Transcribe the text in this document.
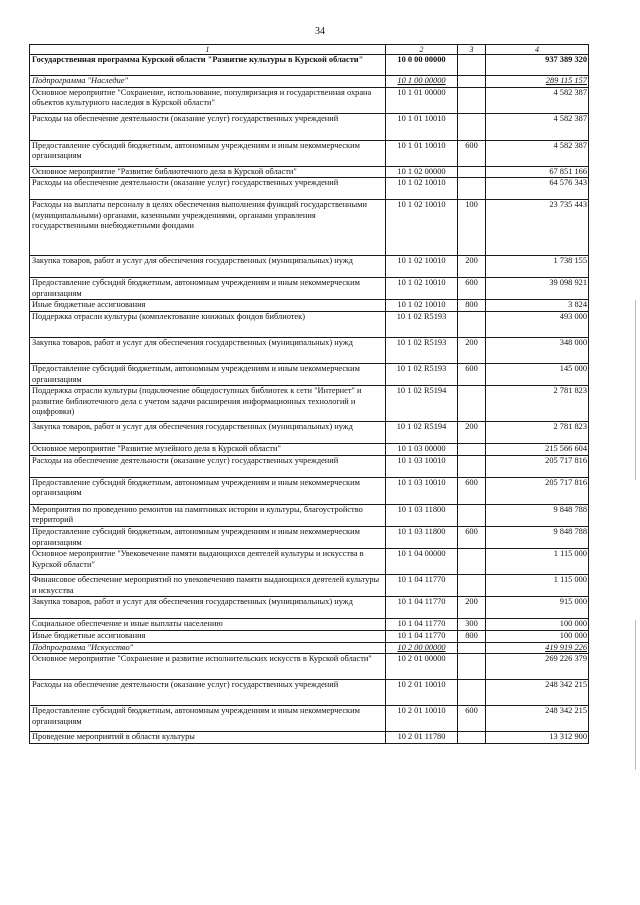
34
1	2	3	4
Государственная программа Курской области "Развитие культуры в Курской области"	10 0 00 00000		937 389 320
Подпрограмма "Наследие"	10 1 00 00000		289 115 157
Основное мероприятие "Сохранение, использование, популяризация и государственная охрана объектов культурного наследия в Курской области"	10 1 01 00000		4 582 387
Расходы на обеспечение деятельности (оказание услуг) государственных учреждений	10 1 01 10010		4 582 387
Предоставление субсидий бюджетным, автономным учреждениям и иным некоммерческим организациям	10 1 01 10010	600	4 582 387
Основное мероприятие "Развитие библиотечного дела в Курской области"	10 1 02 00000		67 851 166
Расходы на обеспечение деятельности (оказание услуг) государственных учреждений	10 1 02 10010		64 576 343
Расходы на выплаты персоналу в целях обеспечения выполнения функций государственными (муниципальными) органами, казенными учреждениями, органами управления государственными внебюджетными фондами	10 1 02 10010	100	23 735 443
Закупка товаров, работ и услуг для обеспечения государственных (муниципальных) нужд	10 1 02 10010	200	1 738 155
Предоставление субсидий бюджетным, автономным учреждениям и иным некоммерческим организациям	10 1 02 10010	600	39 098 921
Иные бюджетные ассигнования	10 1 02 10010	800	3 824
Поддержка отрасли культуры (комплектование книжных фондов библиотек)	10 1 02 R5193		493 000
Закупка товаров, работ и услуг для обеспечения государственных (муниципальных) нужд	10 1 02 R5193	200	348 000
Предоставление субсидий бюджетным, автономным учреждениям и иным некоммерческим организациям	10 1 02 R5193	600	145 000
Поддержка отрасли культуры (подключение общедоступных библиотек к сети "Интернет" и развитие библиотечного дела с учетом задачи расширения информационных технологий и оцифровки)	10 1 02 R5194		2 781 823
Закупка товаров, работ и услуг для обеспечения государственных (муниципальных) нужд	10 1 02 R5194	200	2 781 823
Основное мероприятие "Развитие музейного дела в Курской области"	10 1 03 00000		215 566 604
Расходы на обеспечение деятельности (оказание услуг) государственных учреждений	10 1 03 10010		205 717 816
Предоставление субсидий бюджетным, автономным учреждениям и иным некоммерческим организациям	10 1 03 10010	600	205 717 816
Мероприятия по проведению ремонтов на памятниках истории и культуры, благоустройство территорий	10 1 03 11800		9 848 788
Предоставление субсидий бюджетным, автономным учреждениям и иным некоммерческим организациям	10 1 03 11800	600	9 848 788
Основное мероприятие "Увековечение памяти выдающихся деятелей культуры и искусства в Курской области"	10 1 04 00000		1 115 000
Финансовое обеспечение мероприятий по увековечению памяти выдающихся деятелей культуры и искусства	10 1 04 11770		1 115 000
Закупка товаров, работ и услуг для обеспечения государственных (муниципальных) нужд	10 1 04 11770	200	915 000
Социальное обеспечение и иные выплаты населению	10 1 04 11770	300	100 000
Иные бюджетные ассигнования	10 1 04 11770	800	100 000
Подпрограмма "Искусство"	10 2 00 00000		419 919 226
Основное мероприятие "Сохранение и развитие исполнительских искусств в Курской области"	10 2 01 00000		269 226 379
Расходы на обеспечение деятельности (оказание услуг) государственных учреждений	10 2 01 10010		248 342 215
Предоставление субсидий бюджетным, автономным учреждениям и иным некоммерческим организациям	10 2 01 10010	600	248 342 215
Проведение мероприятий в области культуры	10 2 01 11780		13 312 900
